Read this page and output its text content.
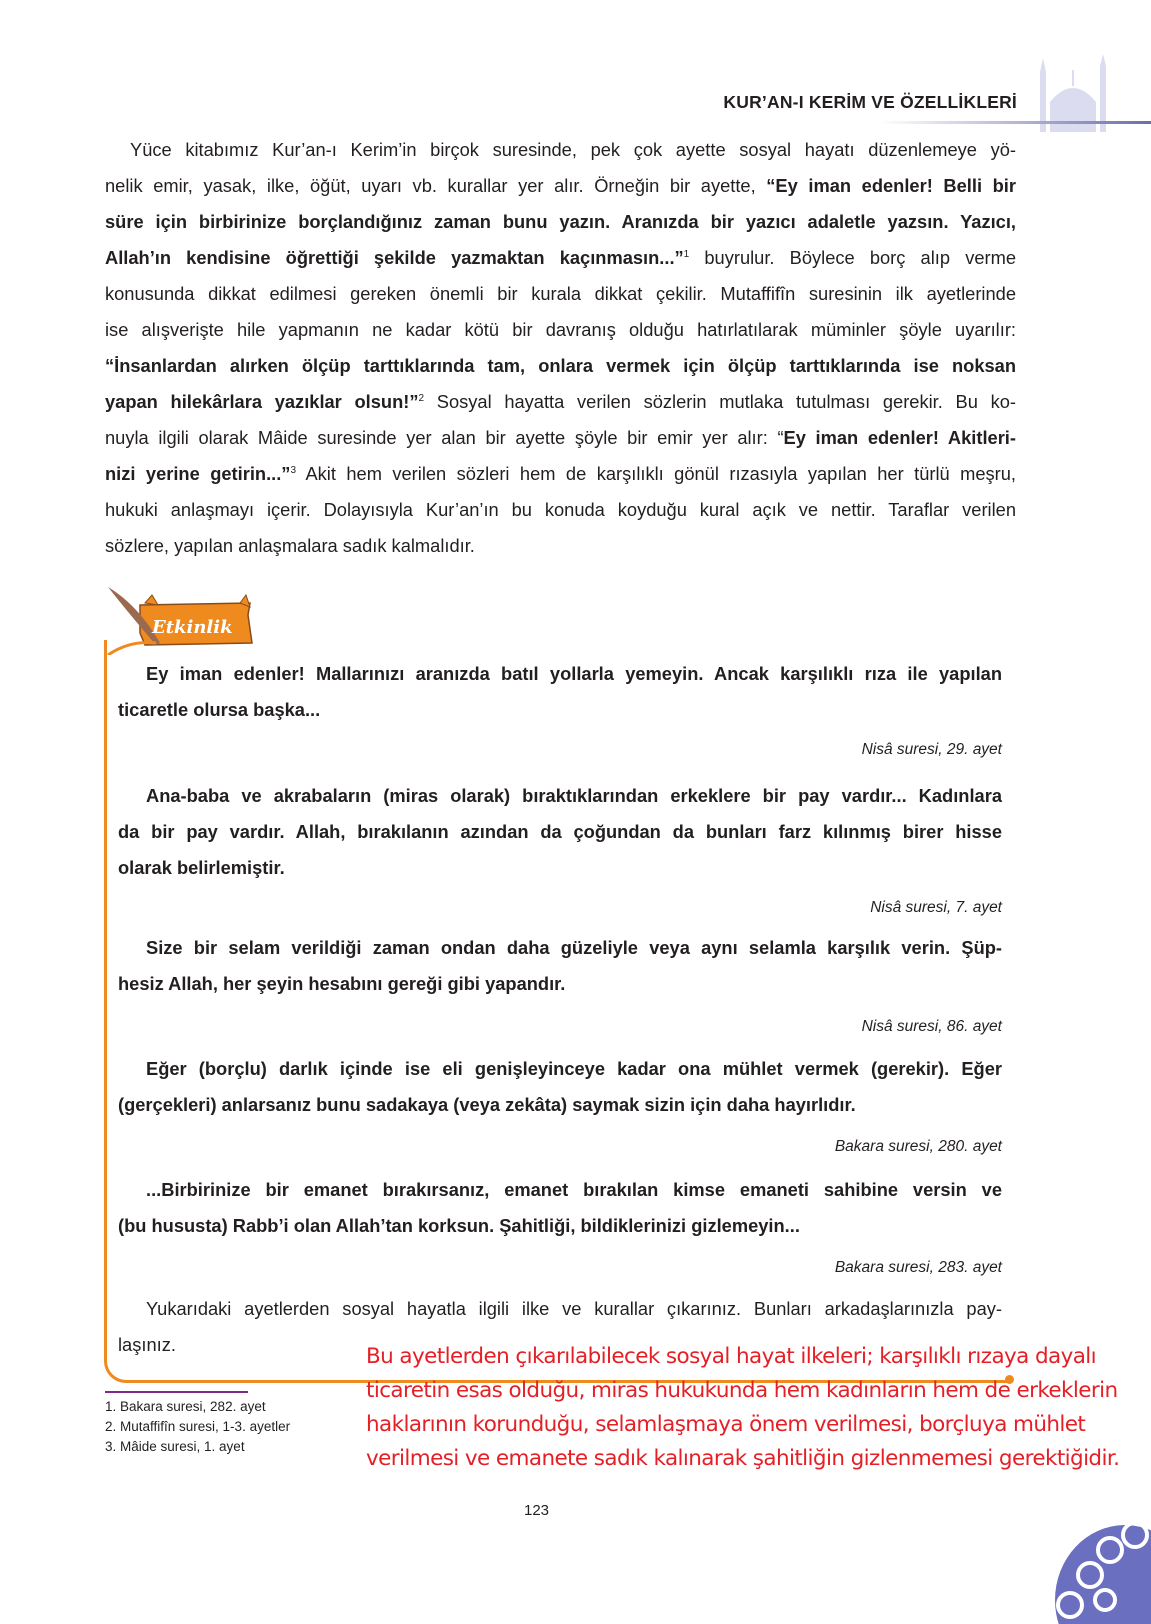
KUR’AN-I KERİM VE ÖZELLİKLERİ
Yüce kitabımız Kur’an-ı Kerim’in birçok suresinde, pek çok ayette sosyal hayatı düzenlemeye yö-
nelik emir, yasak, ilke, öğüt, uyarı vb. kurallar yer alır. Örneğin bir ayette, “Ey iman edenler! Belli bir
süre için birbirinize borçlandığınız zaman bunu yazın. Aranızda bir yazıcı adaletle yazsın. Yazıcı,
Allah’ın kendisine öğrettiği şekilde yazmaktan kaçınmasın...”$^1$ buyrulur. Böylece borç alıp verme
konusunda dikkat edilmesi gereken önemli bir kurala dikkat çekilir. Mutaffifîn suresinin ilk ayetlerinde
ise alışverişte hile yapmanın ne kadar kötü bir davranış olduğu hatırlatılarak müminler şöyle uyarılır:
“İnsanlardan alırken ölçüp tarttıklarında tam, onlara vermek için ölçüp tarttıklarında ise noksan
yapan hilekârlara yazıklar olsun!”$^2$ Sosyal hayatta verilen sözlerin mutlaka tutulması gerekir. Bu ko-
nuyla ilgili olarak Mâide suresinde yer alan bir ayette şöyle bir emir yer alır: “Ey iman edenler! Akitleri-
nizi yerine getirin...”$^3$ Akit hem verilen sözleri hem de karşılıklı gönül rızasıyla yapılan her türlü meşru,
hukuki anlaşmayı içerir. Dolayısıyla Kur’an’ın bu konuda koyduğu kural açık ve nettir. Taraflar verilen
sözlere, yapılan anlaşmalara sadık kalmalıdır.
Etkinlik
Ey iman edenler! Mallarınızı aranızda batıl yollarla yemeyin. Ancak karşılıklı rıza ile yapılan
ticaretle olursa başka...
Nisâ suresi, 29. ayet
Ana-baba ve akrabaların (miras olarak) bıraktıklarından erkeklere bir pay vardır... Kadınlara
da bir pay vardır. Allah, bırakılanın azından da çoğundan da bunları farz kılınmış birer hisse
olarak belirlemiştir.
Nisâ suresi, 7. ayet
Size bir selam verildiği zaman ondan daha güzeliyle veya aynı selamla karşılık verin. Şüp-
hesiz Allah, her şeyin hesabını gereği gibi yapandır.
Nisâ suresi, 86. ayet
Eğer (borçlu) darlık içinde ise eli genişleyinceye kadar ona mühlet vermek (gerekir). Eğer
(gerçekleri) anlarsanız bunu sadakaya (veya zekâta) saymak sizin için daha hayırlıdır.
Bakara suresi, 280. ayet
...Birbirinize bir emanet bırakırsanız, emanet bırakılan kimse emaneti sahibine versin ve
(bu hususta) Rabb’i olan Allah’tan korksun. Şahitliği, bildiklerinizi gizlemeyin...
Bakara suresi, 283. ayet
Yukarıdaki ayetlerden sosyal hayatla ilgili ilke ve kurallar çıkarınız. Bunları arkadaşlarınızla pay-
laşınız.
1. Bakara suresi, 282. ayet
2. Mutaffifîn suresi, 1-3. ayetler
3. Mâide suresi, 1. ayet
Bu ayetlerden çıkarılabilecek sosyal hayat ilkeleri; karşılıklı rızaya dayalı ticaretin esas olduğu, miras hukukunda hem kadınların hem de erkeklerin haklarının korunduğu, selamlaşmaya önem verilmesi, borçluya mühlet verilmesi ve emanete sadık kalınarak şahitliğin gizlenmemesi gerektiğidir.
123
